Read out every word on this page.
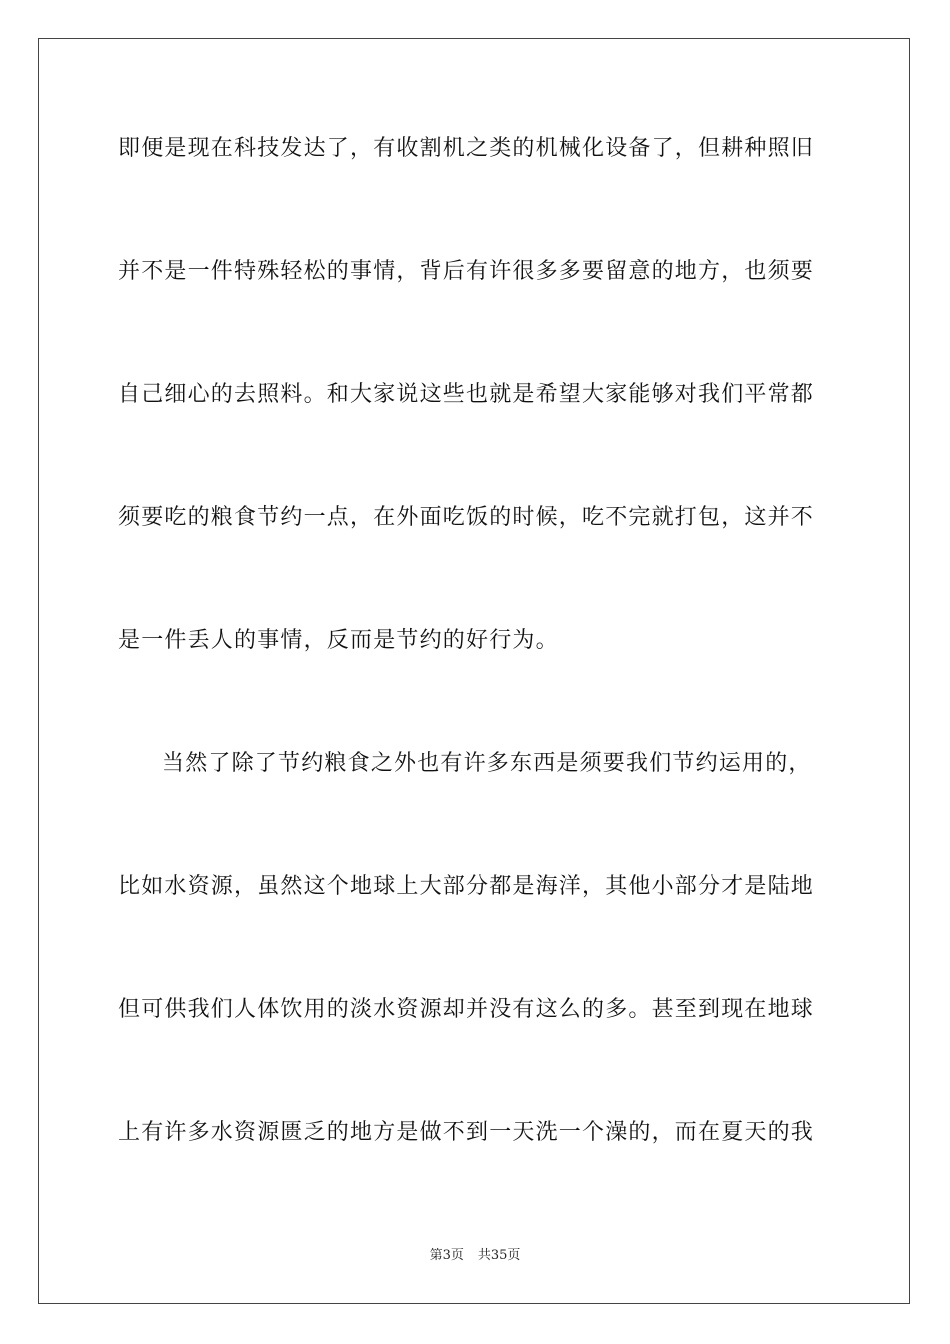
即便是现在科技发达了，有收割机之类的机械化设备了，但耕种照旧
并不是一件特殊轻松的事情，背后有许很多多要留意的地方，也须要
自己细心的去照料。和大家说这些也就是希望大家能够对我们平常都
须要吃的粮食节约一点，在外面吃饭的时候，吃不完就打包，这并不
是一件丢人的事情，反而是节约的好行为。
当然了除了节约粮食之外也有许多东西是须要我们节约运用的，
比如水资源，虽然这个地球上大部分都是海洋，其他小部分才是陆地
但可供我们人体饮用的淡水资源却并没有这么的多。甚至到现在地球
上有许多水资源匮乏的地方是做不到一天洗一个澡的，而在夏天的我
第3页 共35页
